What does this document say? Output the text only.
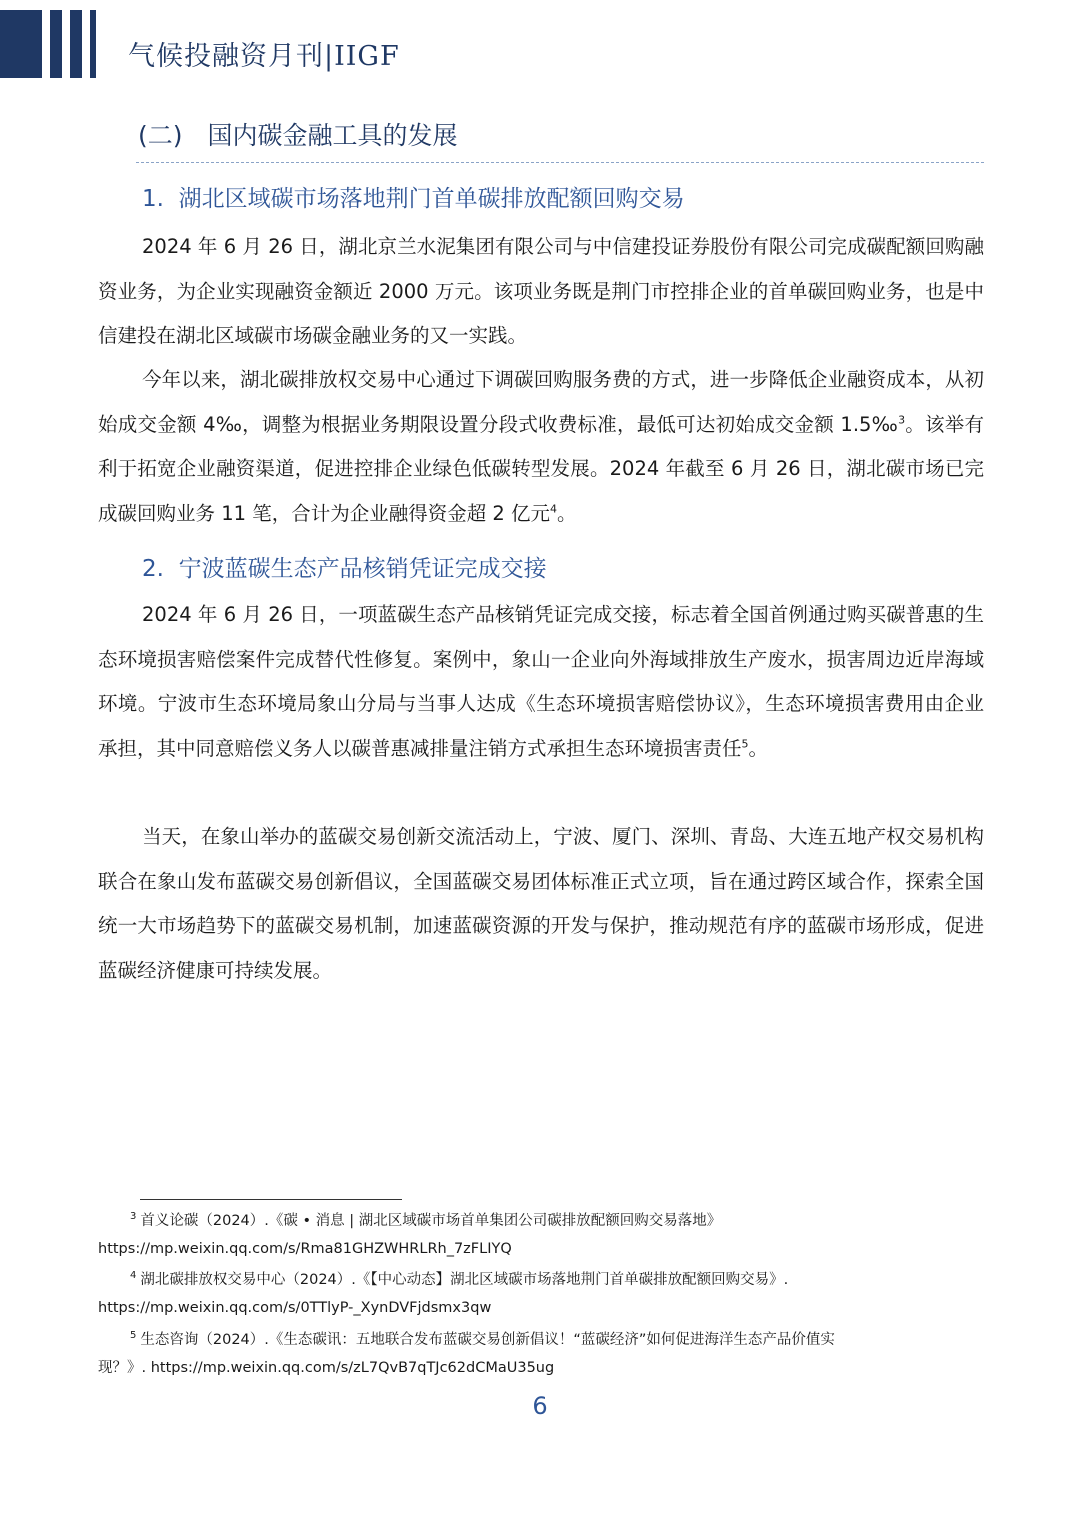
气候投融资月刊|IIGF
(二)　国内碳金融工具的发展
1.  湖北区域碳市场落地荆门首单碳排放配额回购交易

2024 年 6 月 26 日，湖北京兰水泥集团有限公司与中信建投证券股份有限公司完成碳配额回购融资业务，为企业实现融资金额近 2000 万元。该项业务既是荆门市控排企业的首单碳回购业务，也是中信建投在湖北区域碳市场碳金融业务的又一实践。

今年以来，湖北碳排放权交易中心通过下调碳回购服务费的方式，进一步降低企业融资成本，从初始成交金额 4‰，调整为根据业务期限设置分段式收费标准，最低可达初始成交金额 1.5‰$^3$。该举有利于拓宽企业融资渠道，促进控排企业绿色低碳转型发展。2024 年截至 6 月 26 日，湖北碳市场已完成碳回购业务 11 笔，合计为企业融得资金超 2 亿元$^4$。

2.  宁波蓝碳生态产品核销凭证完成交接

2024 年 6 月 26 日，一项蓝碳生态产品核销凭证完成交接，标志着全国首例通过购买碳普惠的生态环境损害赔偿案件完成替代性修复。案例中，象山一企业向外海域排放生产废水，损害周边近岸海域环境。宁波市生态环境局象山分局与当事人达成《生态环境损害赔偿协议》，生态环境损害费用由企业承担，其中同意赔偿义务人以碳普惠减排量注销方式承担生态环境损害责任$^5$。

当天，在象山举办的蓝碳交易创新交流活动上，宁波、厦门、深圳、青岛、大连五地产权交易机构联合在象山发布蓝碳交易创新倡议，全国蓝碳交易团体标准正式立项，旨在通过跨区域合作，探索全国统一大市场趋势下的蓝碳交易机制，加速蓝碳资源的开发与保护，推动规范有序的蓝碳市场形成，促进蓝碳经济健康可持续发展。

$^3$ 首义论碳（2024）.《碳 • 消息 | 湖北区域碳市场首单集团公司碳排放配额回购交易落地》
https://mp.weixin.qq.com/s/Rma81GHZWHRLRh_7zFLIYQ

$^4$ 湖北碳排放权交易中心（2024）.《【中心动态】湖北区域碳市场落地荆门首单碳排放配额回购交易》.
https://mp.weixin.qq.com/s/0TTlyP-_XynDVFjdsmx3qw

$^5$ 生态咨询（2024）.《生态碳讯：五地联合发布蓝碳交易创新倡议！“蓝碳经济”如何促进海洋生态产品价值实
现？》. https://mp.weixin.qq.com/s/zL7QvB7qTJc62dCMaU35ug

6
